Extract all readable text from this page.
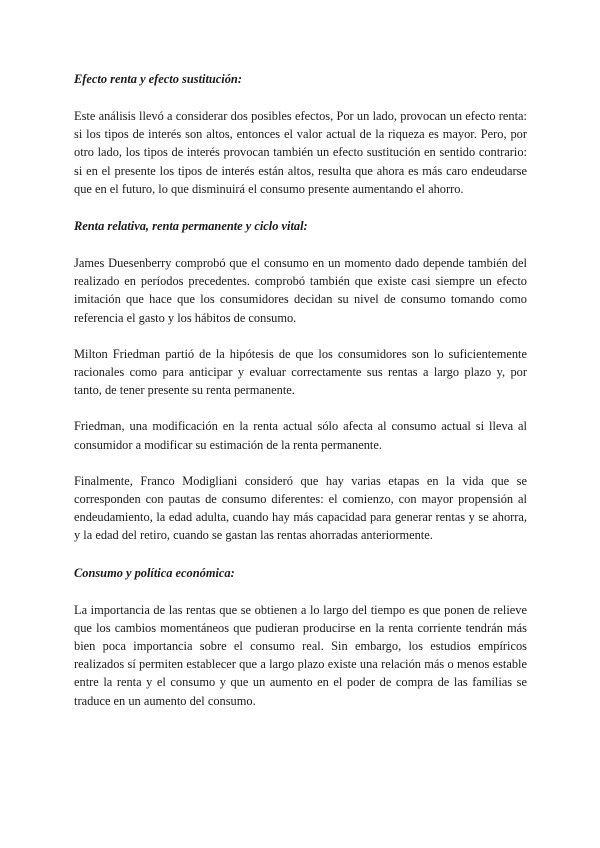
Efecto renta y efecto sustitución:

Este análisis llevó a considerar dos posibles efectos, Por un lado, provocan un efecto renta: si los tipos de interés son altos, entonces el valor actual de la riqueza es mayor. Pero, por otro lado, los tipos de interés provocan también un efecto sustitución en sentido contrario: si en el presente los tipos de interés están altos, resulta que ahora es más caro endeudarse que en el futuro, lo que disminuirá el consumo presente aumentando el ahorro.

Renta relativa, renta permanente y ciclo vital:

James Duesenberry comprobó que el consumo en un momento dado depende también del realizado en períodos precedentes. comprobó también que existe casi siempre un efecto imitación que hace que los consumidores decidan su nivel de consumo tomando como referencia el gasto y los hábitos de consumo.

Milton Friedman partió de la hipótesis de que los consumidores son lo suficientemente racionales como para anticipar y evaluar correctamente sus rentas a largo plazo y, por tanto, de tener presente su renta permanente.

Friedman, una modificación en la renta actual sólo afecta al consumo actual si lleva al consumidor a modificar su estimación de la renta permanente.

Finalmente, Franco Modigliani consideró que hay varias etapas en la vida que se corresponden con pautas de consumo diferentes: el comienzo, con mayor propensión al endeudamiento, la edad adulta, cuando hay más capacidad para generar rentas y se ahorra, y la edad del retiro, cuando se gastan las rentas ahorradas anteriormente.

Consumo y política económica:

La importancia de las rentas que se obtienen a lo largo del tiempo es que ponen de relieve que los cambios momentáneos que pudieran producirse en la renta corriente tendrán más bien poca importancia sobre el consumo real. Sin embargo, los estudios empíricos realizados sí permiten establecer que a largo plazo existe una relación más o menos estable entre la renta y el consumo y que un aumento en el poder de compra de las familias se traduce en un aumento del consumo.
